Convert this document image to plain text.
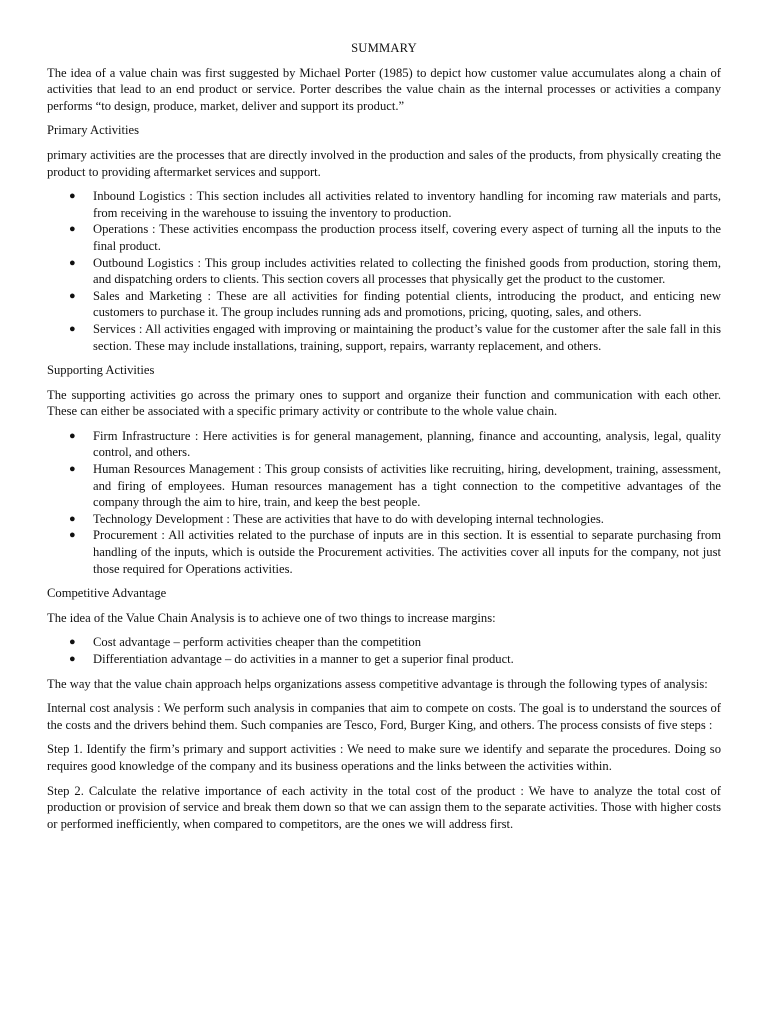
SUMMARY

The idea of a value chain was first suggested by Michael Porter (1985) to depict how customer value accumulates along a chain of activities that lead to an end product or service. Porter describes the value chain as the internal processes or activities a company performs “to design, produce, market, deliver and support its product.”

Primary Activities

primary activities are the processes that are directly involved in the production and sales of the products, from physically creating the product to providing aftermarket services and support.

● Inbound Logistics : This section includes all activities related to inventory handling for incoming raw materials and parts, from receiving in the warehouse to issuing the inventory to production.
● Operations : These activities encompass the production process itself, covering every aspect of turning all the inputs to the final product.
● Outbound Logistics : This group includes activities related to collecting the finished goods from production, storing them, and dispatching orders to clients. This section covers all processes that physically get the product to the customer.
● Sales and Marketing : These are all activities for finding potential clients, introducing the product, and enticing new customers to purchase it. The group includes running ads and promotions, pricing, quoting, sales, and others.
● Services : All activities engaged with improving or maintaining the product’s value for the customer after the sale fall in this section. These may include installations, training, support, repairs, warranty replacement, and others.
Supporting Activities

The supporting activities go across the primary ones to support and organize their function and communication with each other. These can either be associated with a specific primary activity or contribute to the whole value chain.

● Firm Infrastructure : Here activities is for general management, planning, finance and accounting, analysis, legal, quality control, and others.
● Human Resources Management : This group consists of activities like recruiting, hiring, development, training, assessment, and firing of employees. Human resources management has a tight connection to the competitive advantages of the company through the aim to hire, train, and keep the best people.
● Technology Development : These are activities that have to do with developing internal technologies.
● Procurement : All activities related to the purchase of inputs are in this section. It is essential to separate purchasing from handling of the inputs, which is outside the Procurement activities. The activities cover all inputs for the company, not just those required for Operations activities.
Competitive Advantage

The idea of the Value Chain Analysis is to achieve one of two things to increase margins:

● Cost advantage – perform activities cheaper than the competition
● Differentiation advantage – do activities in a manner to get a superior final product.

The way that the value chain approach helps organizations assess competitive advantage is through the following types of analysis:

Internal cost analysis : We perform such analysis in companies that aim to compete on costs. The goal is to understand the sources of the costs and the drivers behind them. Such companies are Tesco, Ford, Burger King, and others. The process consists of five steps :

Step 1. Identify the firm’s primary and support activities : We need to make sure we identify and separate the procedures. Doing so requires good knowledge of the company and its business operations and the links between the activities within.

Step 2. Calculate the relative importance of each activity in the total cost of the product : We have to analyze the total cost of production or provision of service and break them down so that we can assign them to the separate activities. Those with higher costs or performed inefficiently, when compared to competitors, are the ones we will address first.
